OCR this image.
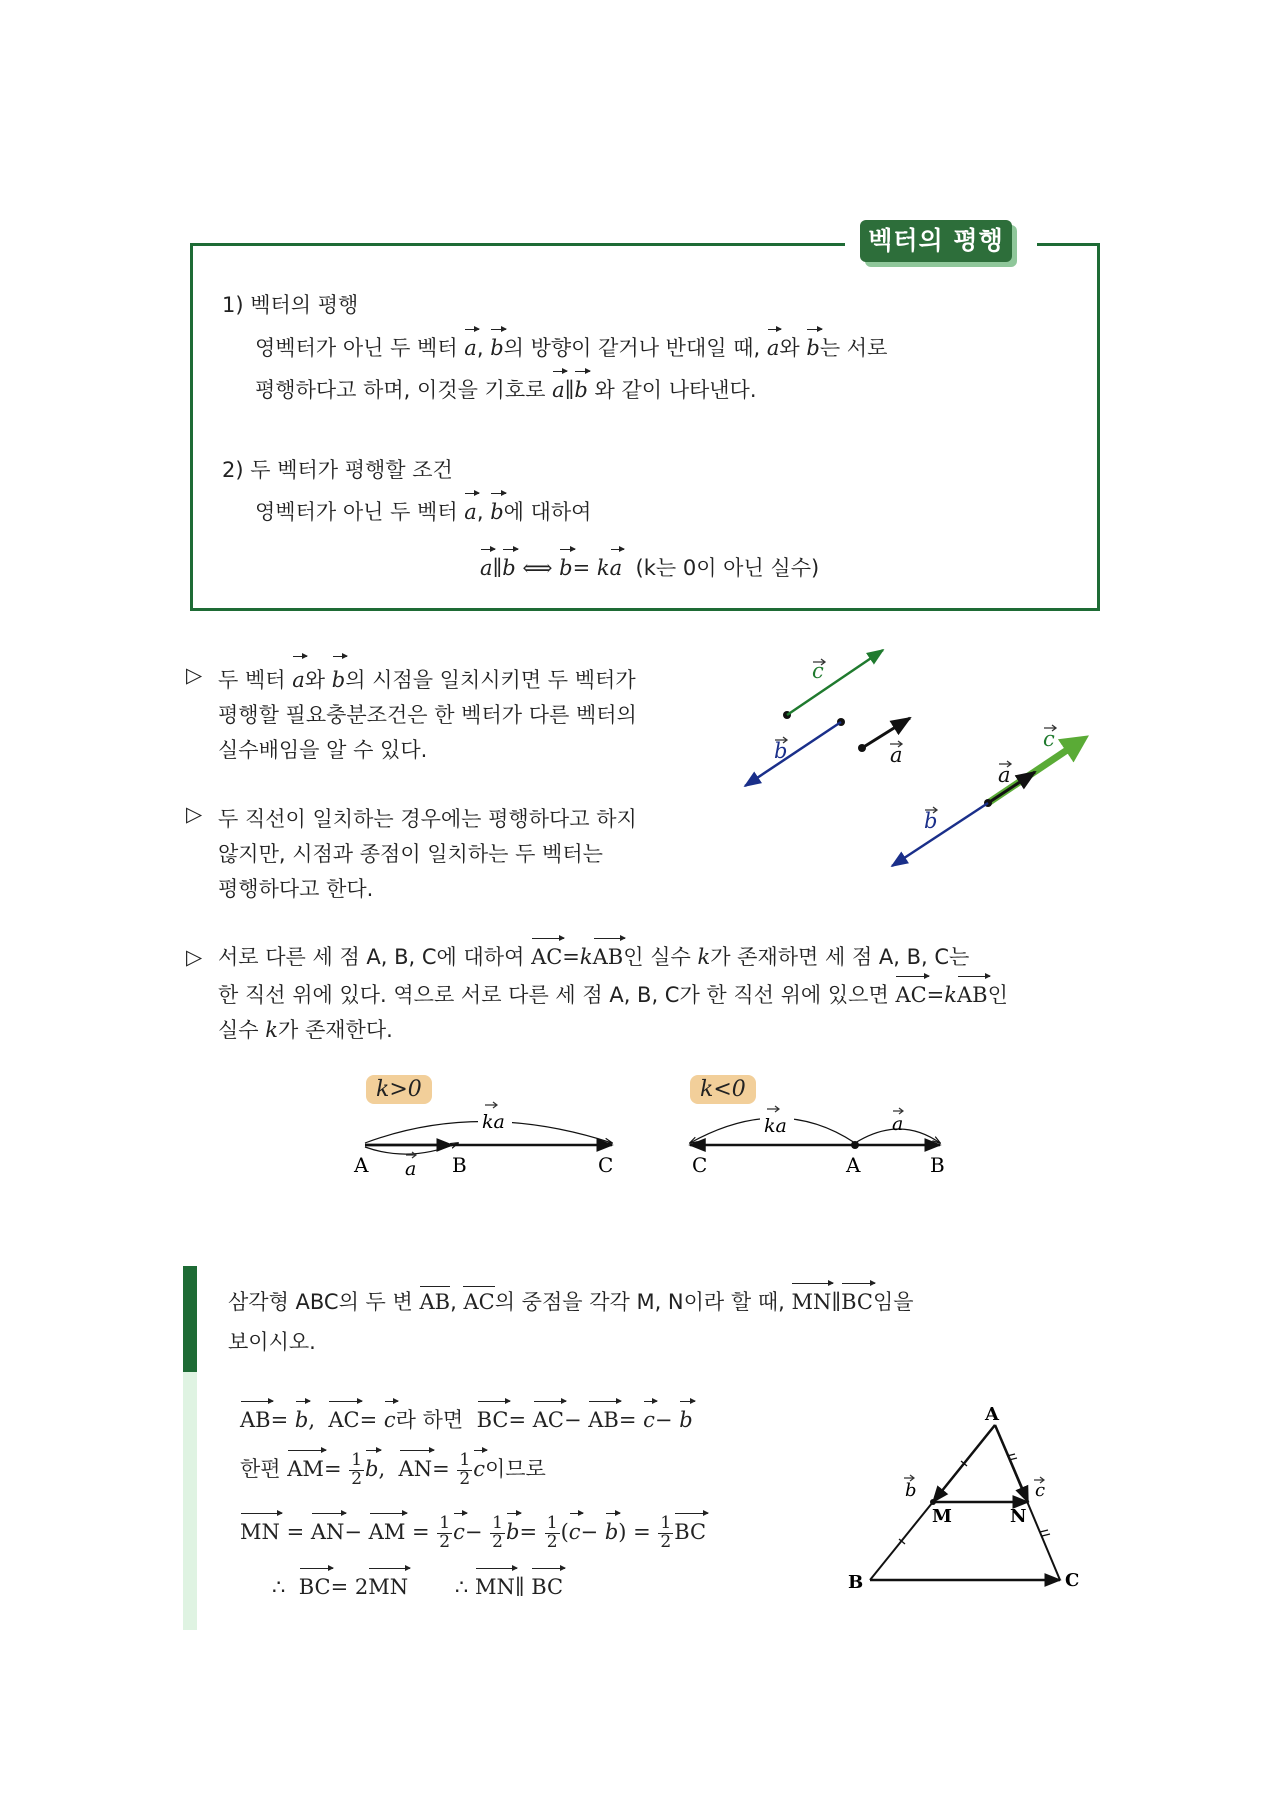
벡터의 평행
1) 벡터의 평행
영벡터가 아닌 두 벡터 a, b의 방향이 같거나 반대일 때, a와 b는 서로
평행하다고 하며, 이것을 기호로 a∥b 와 같이 나타낸다.
2) 두 벡터가 평행할 조건
영벡터가 아닌 두 벡터 a, b에 대하여
a∥b ⟺ b= ka (k는 0이 아닌 실수)
▷ 두 벡터 a와 b의 시점을 일치시키면 두 벡터가
평행할 필요충분조건은 한 벡터가 다른 벡터의
실수배임을 알 수 있다.
▷ 두 직선이 일치하는 경우에는 평행하다고 하지
않지만, 시점과 종점이 일치하는 두 벡터는
평행하다고 한다.
c
b	a
c
a
b
▷ 서로 다른 세 점 A, B, C에 대하여 AC=kAB인 실수 k가 존재하면 세 점 A, B, C는
한 직선 위에 있다. 역으로 서로 다른 세 점 A, B, C가 한 직선 위에 있으면 AC=kAB인
실수 k가 존재한다.
k>0	k<0
ka
a
A	B	C
ka	a
C	A	B
삼각형 ABC의 두 변 AB, AC의 중점을 각각 M, N이라 할 때, MN∥BC임을
보이시오.
AB= b,  AC= c라 하면 BC= AC− AB= c− b
한편 $AM= \frac{1}{2} b$,  $AN= \frac{1}{2}$ c이므로
MN = AN− AM = $\frac{1}{2} c- \frac{1}{2} b= \frac{1}{2} (c- b) = \frac{1}{2}$ BC
∴ BC= 2MN ∴ MN∥ BC
A
B	C
M	N
b	c
